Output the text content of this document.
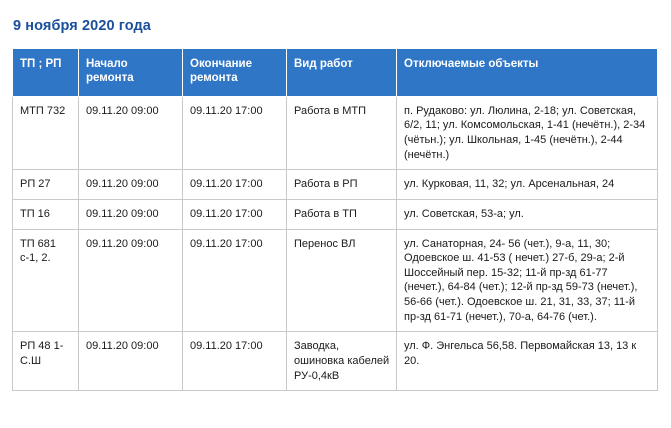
9 ноября 2020 года
ТП ; РП	Начало ремонта	Окончание ремонта	Вид работ	Отключаемые объекты
МТП 732	09.11.20 09:00	09.11.20 17:00	Работа в МТП	п. Рудаково: ул. Люлина, 2-18; ул. Советская, 6/2, 11; ул. Комсомольская, 1-41 (нечётн.), 2-34 (чётьн.); ул. Школьная, 1-45 (нечётн.), 2-44 (нечётн.)
РП 27	09.11.20 09:00	09.11.20 17:00	Работа в РП	ул. Курковая, 11, 32; ул. Арсенальная, 24
ТП 16	09.11.20 09:00	09.11.20 17:00	Работа в ТП	ул. Советская, 53-а; ул.
ТП 681 с-1, 2.	09.11.20 09:00	09.11.20 17:00	Перенос ВЛ	ул. Санаторная, 24- 56 (чет.), 9-а, 11, 30; Одоевское ш. 41-53 ( нечет.) 27-б, 29-а; 2-й Шоссейный пер. 15-32; 11-й пр-зд 61-77 (нечет.), 64-84 (чет.); 12-й пр-зд 59-73 (нечет.), 56-66 (чет.). Одоевское ш. 21, 31, 33, 37; 11-й пр-зд 61-71 (нечет.), 70-а, 64-76 (чет.).
РП 48 1-С.Ш	09.11.20 09:00	09.11.20 17:00	Заводка, ошиновка кабелей РУ-0,4кВ	ул. Ф. Энгельса 56,58. Первомайская 13, 13 к 20.
